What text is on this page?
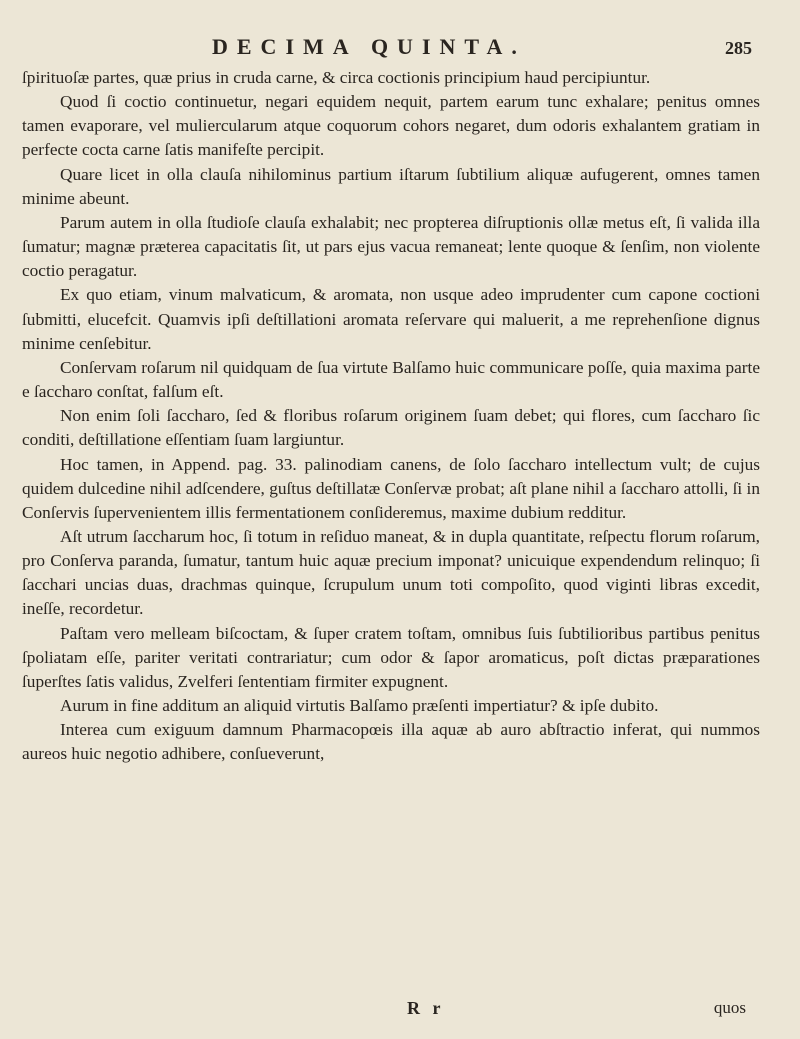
DECIMA QUINTA.	285

ſpirituoſæ partes, quæ prius in cruda carne, & circa coctionis principium haud percipiuntur.

Quod ſi coctio continuetur, negari equidem nequit, partem earum tunc exhalare; penitus omnes tamen evaporare, vel muliercularum atque coquorum cohors negaret, dum odoris exhalantem gratiam in perfecte cocta carne ſatis manifeſte percipit.

Quare licet in olla clauſa nihilominus partium iſtarum ſubtilium aliquæ aufugerent, omnes tamen minime abeunt.

Parum autem in olla ſtudioſe clauſa exhalabit; nec propterea diſruptionis ollæ metus eſt, ſi valida illa ſumatur; magnæ præterea capacitatis ſit, ut pars ejus vacua remaneat; lente quoque & ſenſim, non violente coctio peragatur.

Ex quo etiam, vinum malvaticum, & aromata, non usque adeo imprudenter cum capone coctioni ſubmitti, elucefcit. Quamvis ipſi deſtillationi aromata reſervare qui maluerit, a me reprehenſione dignus minime cenſebitur.

Conſervam roſarum nil quidquam de ſua virtute Balſamo huic communicare poſſe, quia maxima parte e ſaccharo conſtat, falſum eſt.

Non enim ſoli ſaccharo, ſed & floribus roſarum originem ſuam debet; qui flores, cum ſaccharo ſic conditi, deſtillatione eſſentiam ſuam largiuntur.

Hoc tamen, in Append. pag. 33. palinodiam canens, de ſolo ſaccharo intellectum vult; de cujus quidem dulcedine nihil adſcendere, guſtus deſtillatæ Conſervæ probat; aſt plane nihil a ſaccharo attolli, ſi in Conſervis ſupervenientem illis fermentationem conſideremus, maxime dubium redditur.

Aſt utrum ſaccharum hoc, ſi totum in reſiduo maneat, & in dupla quantitate, reſpectu florum roſarum, pro Conſerva paranda, ſumatur, tantum huic aquæ precium imponat? unicuique expendendum relinquo; ſi ſacchari uncias duas, drachmas quinque, ſcrupulum unum toti compoſito, quod viginti libras excedit, ineſſe, recordetur.

Paſtam vero melleam biſcoctam, & ſuper cratem toſtam, omnibus ſuis ſubtilioribus partibus penitus ſpoliatam eſſe, pariter veritati contrariatur; cum odor & ſapor aromaticus, poſt dictas præparationes ſuperſtes ſatis validus, Zvelferi ſententiam firmiter expugnent.

Aurum in fine additum an aliquid virtutis Balſamo præſenti impertiatur? & ipſe dubito.

Interea cum exiguum damnum Pharmacopœis illa aquæ ab auro abſtractio inferat, qui nummos aureos huic negotio adhibere, conſueverunt,

R r	quos
